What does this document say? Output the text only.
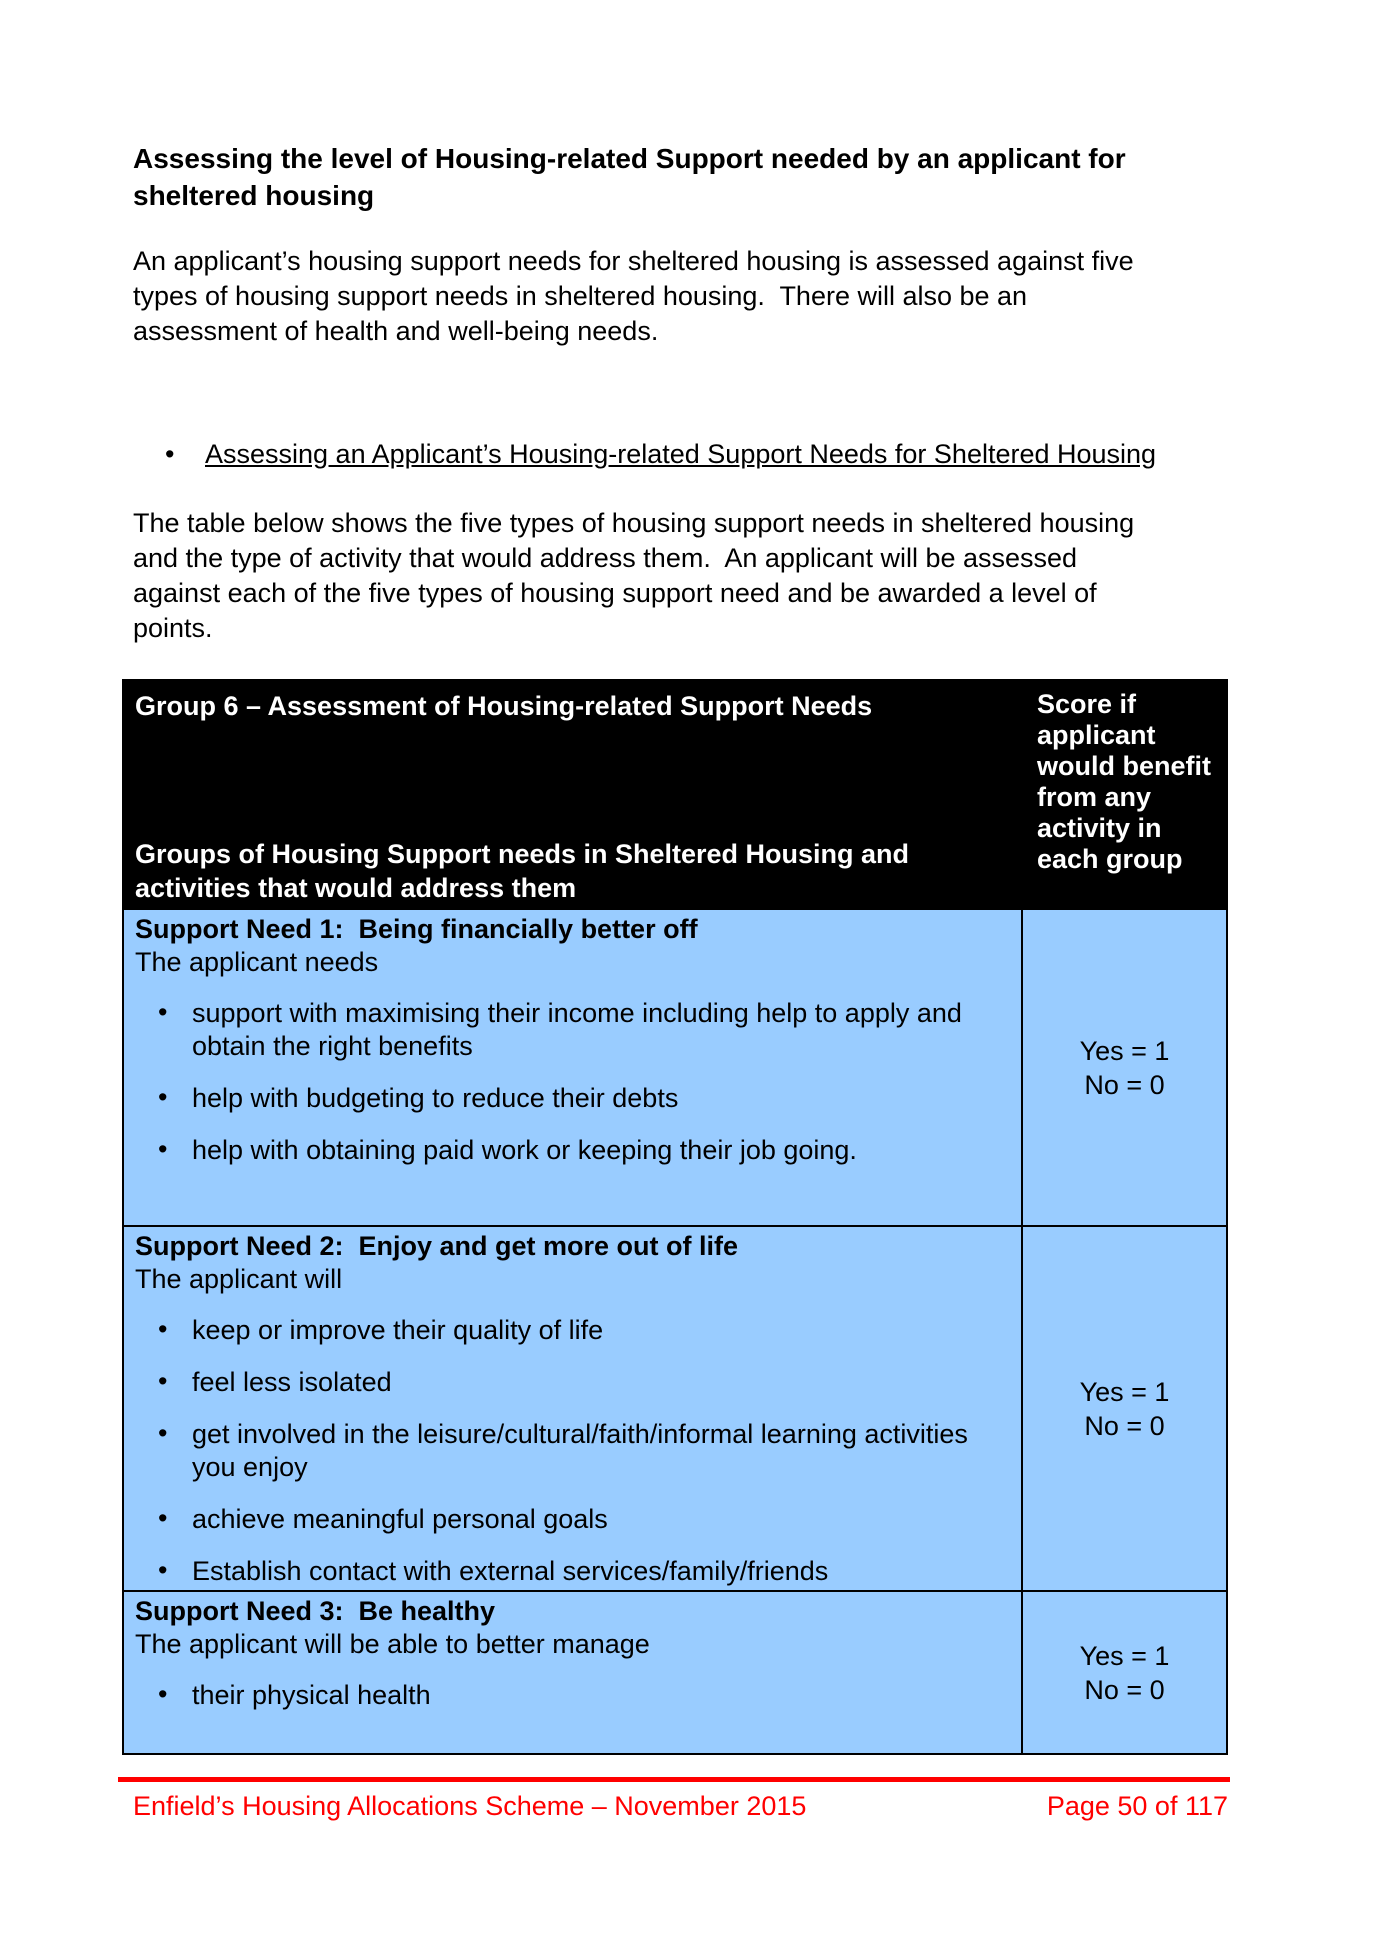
Assessing the level of Housing-related Support needed by an applicant for sheltered housing

An applicant’s housing support needs for sheltered housing is assessed against five types of housing support needs in sheltered housing.  There will also be an assessment of health and well-being needs.

• Assessing an Applicant’s Housing-related Support Needs for Sheltered Housing

The table below shows the five types of housing support needs in sheltered housing and the type of activity that would address them.  An applicant will be assessed against each of the five types of housing support need and be awarded a level of points.

Group 6 – Assessment of Housing-related Support Needs
Groups of Housing Support needs in Sheltered Housing and activities that would address them
Score if applicant would benefit from any activity in each group
Support Need 1:  Being financially better off
The applicant needs
• support with maximising their income including help to apply and obtain the right benefits
• help with budgeting to reduce their debts
• help with obtaining paid work or keeping their job going.
Yes = 1
No = 0
Support Need 2:  Enjoy and get more out of life
The applicant will
• keep or improve their quality of life
• feel less isolated
• get involved in the leisure/cultural/faith/informal learning activities you enjoy
• achieve meaningful personal goals
• Establish contact with external services/family/friends
Yes = 1
No = 0
Support Need 3:  Be healthy
The applicant will be able to better manage
• their physical health
Yes = 1
No = 0
Enfield’s Housing Allocations Scheme – November 2015	Page 50 of 117
